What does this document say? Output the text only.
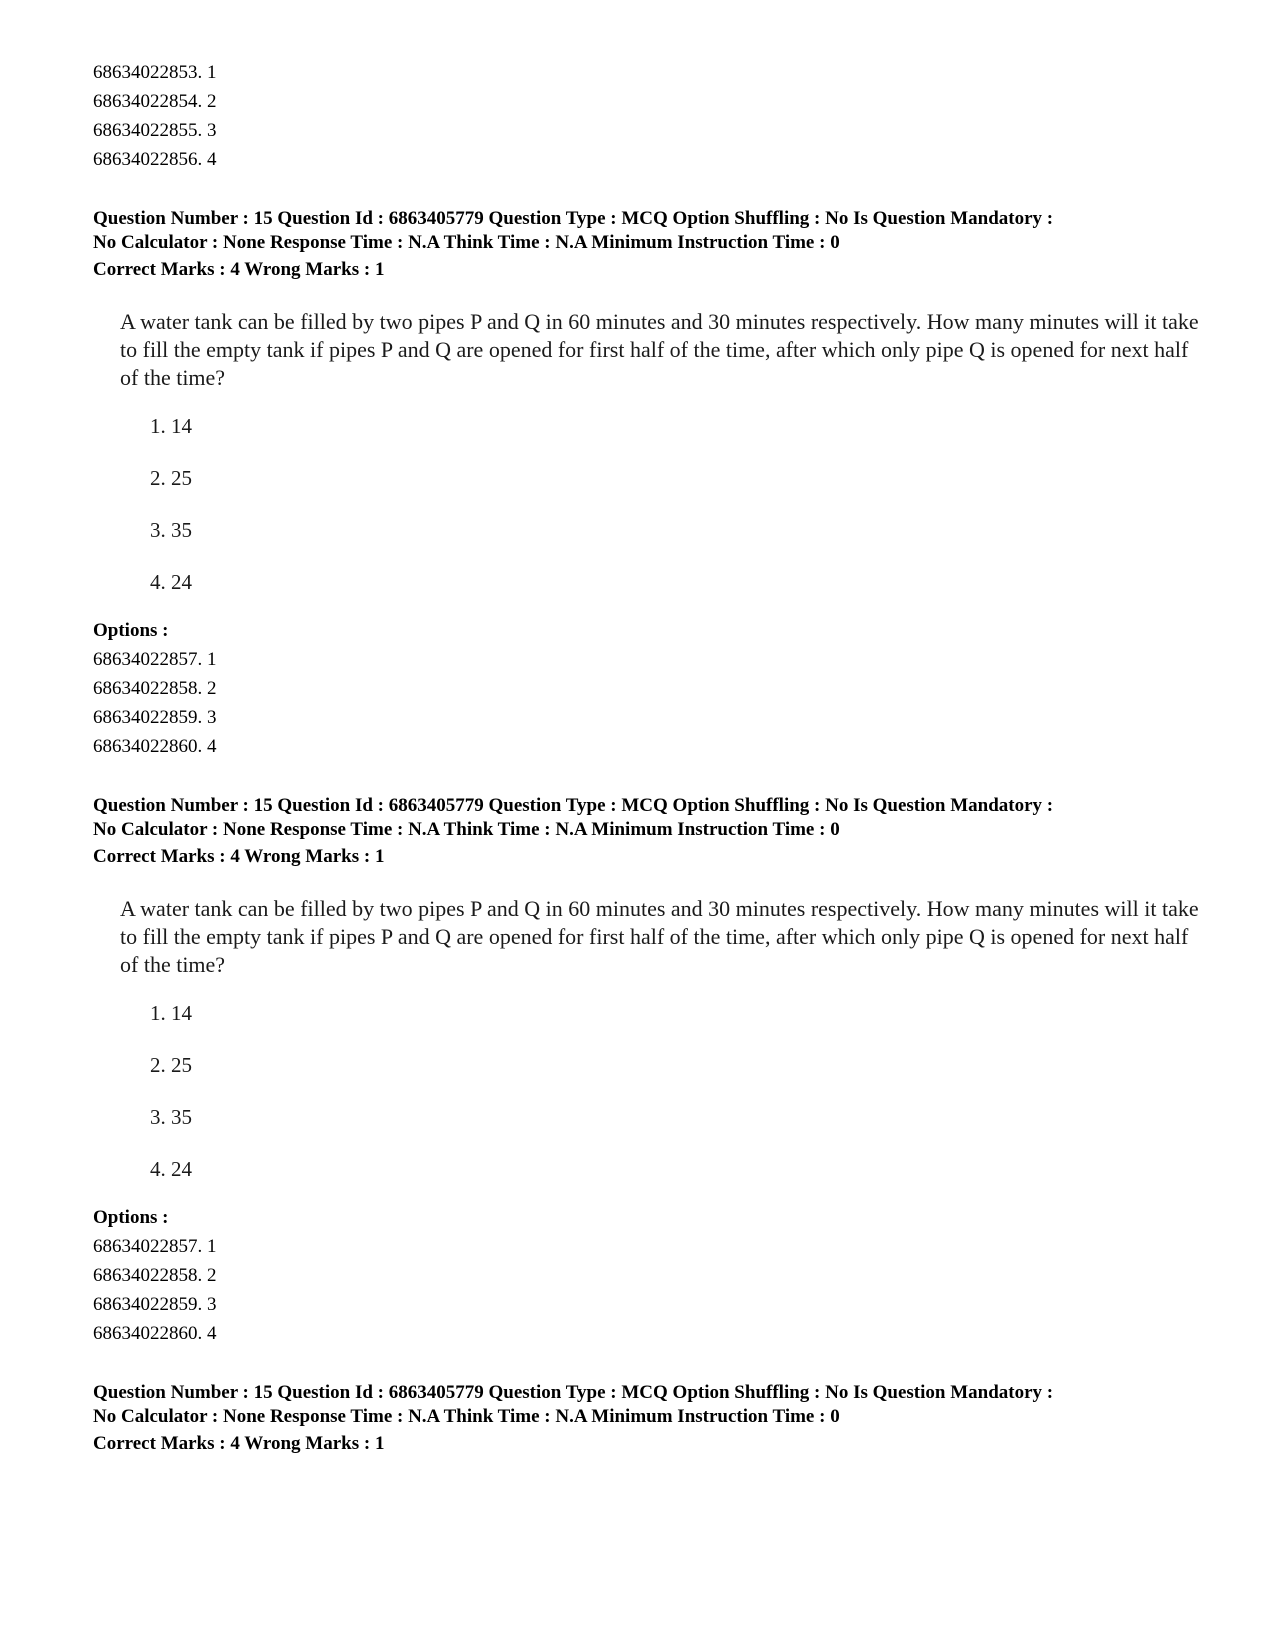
68634022853. 1
68634022854. 2
68634022855. 3
68634022856. 4
Question Number : 15 Question Id : 6863405779 Question Type : MCQ Option Shuffling : No Is Question Mandatory :
No Calculator : None Response Time : N.A Think Time : N.A Minimum Instruction Time : 0
Correct Marks : 4 Wrong Marks : 1
A water tank can be filled by two pipes P and Q in 60 minutes and 30 minutes respectively. How many minutes will it take to fill the empty tank if pipes P and Q are opened for first half of the time, after which only pipe Q is opened for next half of the time?
1. 14
2. 25
3. 35
4. 24
Options :
68634022857. 1
68634022858. 2
68634022859. 3
68634022860. 4
Question Number : 15 Question Id : 6863405779 Question Type : MCQ Option Shuffling : No Is Question Mandatory :
No Calculator : None Response Time : N.A Think Time : N.A Minimum Instruction Time : 0
Correct Marks : 4 Wrong Marks : 1
A water tank can be filled by two pipes P and Q in 60 minutes and 30 minutes respectively. How many minutes will it take to fill the empty tank if pipes P and Q are opened for first half of the time, after which only pipe Q is opened for next half of the time?
1. 14
2. 25
3. 35
4. 24
Options :
68634022857. 1
68634022858. 2
68634022859. 3
68634022860. 4
Question Number : 15 Question Id : 6863405779 Question Type : MCQ Option Shuffling : No Is Question Mandatory :
No Calculator : None Response Time : N.A Think Time : N.A Minimum Instruction Time : 0
Correct Marks : 4 Wrong Marks : 1
